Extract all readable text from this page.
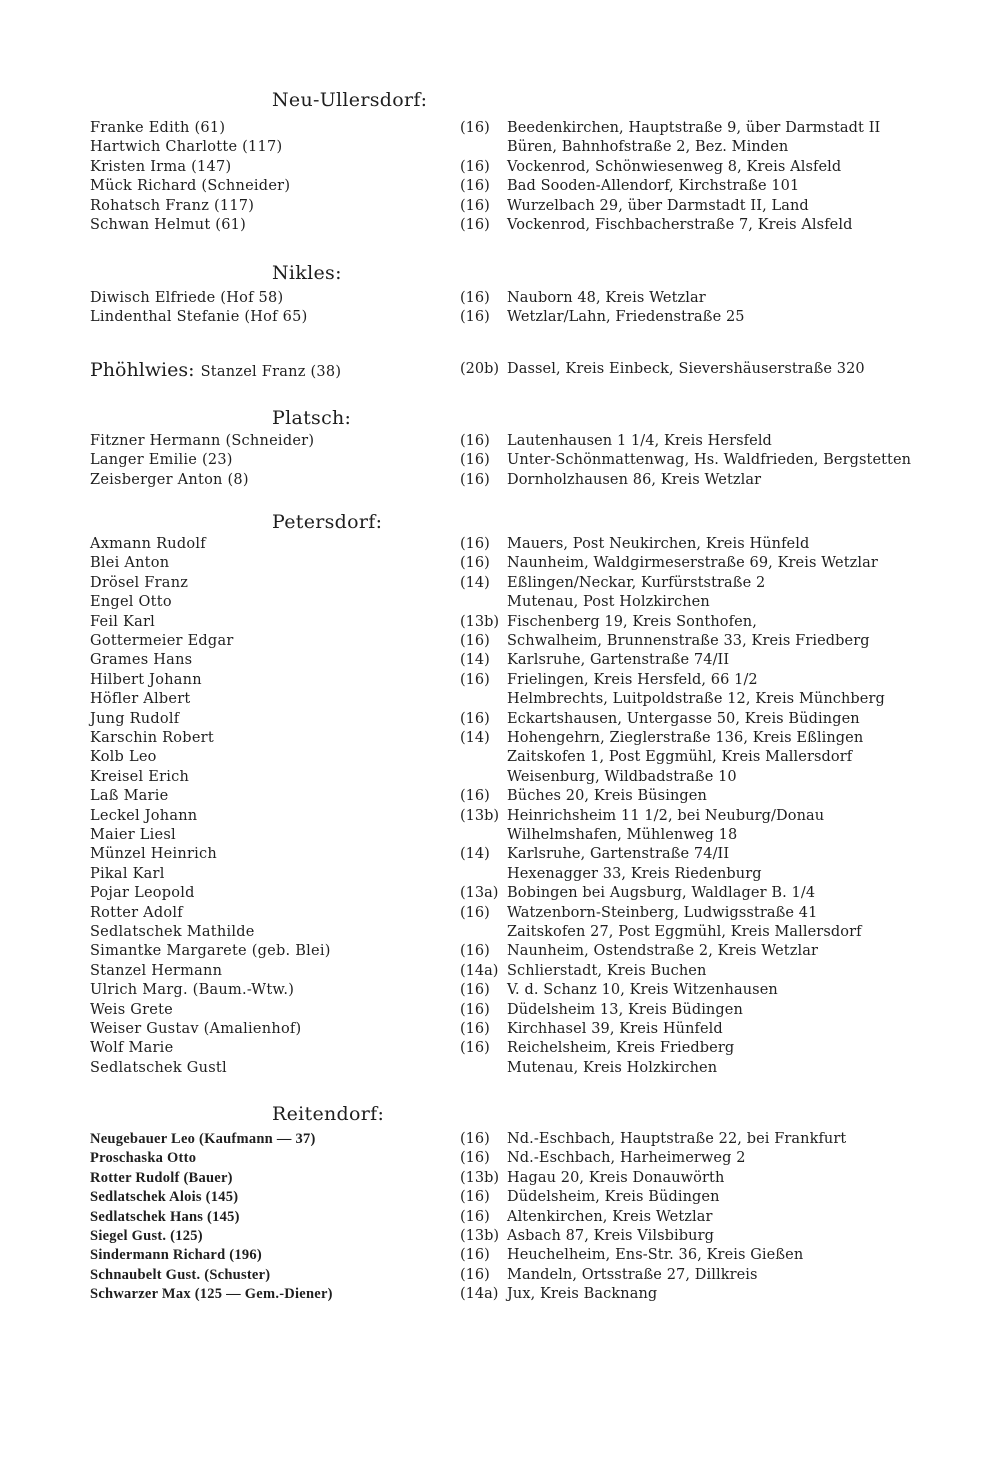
Neu-Ullersdorf:
Franke Edith (61)	(16) Beedenkirchen, Hauptstraße 9, über Darmstadt II
Hartwich Charlotte (117)	Büren, Bahnhofstraße 2, Bez. Minden
Kristen Irma (147)	(16) Vockenrod, Schönwiesenweg 8, Kreis Alsfeld
Mück Richard (Schneider)	(16) Bad Sooden-Allendorf, Kirchstraße 101
Rohatsch Franz (117)	(16) Wurzelbach 29, über Darmstadt II, Land
Schwan Helmut (61)	(16) Vockenrod, Fischbacherstraße 7, Kreis Alsfeld
Nikles:
Diwisch Elfriede (Hof 58)	(16) Nauborn 48, Kreis Wetzlar
Lindenthal Stefanie (Hof 65)	(16) Wetzlar/Lahn, Friedenstraße 25
Phöhlwies: Stanzel Franz (38)	(20b) Dassel, Kreis Einbeck, Sievershäuserstraße 320
Platsch:
Fitzner Hermann (Schneider)	(16) Lautenhausen 1 1/4, Kreis Hersfeld
Langer Emilie (23)	(16) Unter-Schönmattenwag, Hs. Waldfrieden, Bergstetten
Zeisberger Anton (8)	(16) Dornholzhausen 86, Kreis Wetzlar
Petersdorf:
Axmann Rudolf	(16) Mauers, Post Neukirchen, Kreis Hünfeld
Blei Anton	(16) Naunheim, Waldgirmeserstraße 69, Kreis Wetzlar
Drösel Franz	(14) Eßlingen/Neckar, Kurfürststraße 2
Engel Otto	Mutenau, Post Holzkirchen
Feil Karl	(13b) Fischenberg 19, Kreis Sonthofen,
Gottermeier Edgar	(16) Schwalheim, Brunnenstraße 33, Kreis Friedberg
Grames Hans	(14) Karlsruhe, Gartenstraße 74/II
Hilbert Johann	(16) Frielingen, Kreis Hersfeld, 66 1/2
Höfler Albert	Helmbrechts, Luitpoldstraße 12, Kreis Münchberg
Jung Rudolf	(16) Eckartshausen, Untergasse 50, Kreis Büdingen
Karschin Robert	(14) Hohengehrn, Zieglerstraße 136, Kreis Eßlingen
Kolb Leo	Zaitskofen 1, Post Eggmühl, Kreis Mallersdorf
Kreisel Erich	Weisenburg, Wildbadstraße 10
Laß Marie	(16) Büches 20, Kreis Büsingen
Leckel Johann	(13b) Heinrichsheim 11 1/2, bei Neuburg/Donau
Maier Liesl	Wilhelmshafen, Mühlenweg 18
Münzel Heinrich	(14) Karlsruhe, Gartenstraße 74/II
Pikal Karl	Hexenagger 33, Kreis Riedenburg
Pojar Leopold	(13a) Bobingen bei Augsburg, Waldlager B. 1/4
Rotter Adolf	(16) Watzenborn-Steinberg, Ludwigsstraße 41
Sedlatschek Mathilde	Zaitskofen 27, Post Eggmühl, Kreis Mallersdorf
Simantke Margarete (geb. Blei)	(16) Naunheim, Ostendstraße 2, Kreis Wetzlar
Stanzel Hermann	(14a) Schlierstadt, Kreis Buchen
Ulrich Marg. (Baum.-Wtw.)	(16) V. d. Schanz 10, Kreis Witzenhausen
Weis Grete	(16) Düdelsheim 13, Kreis Büdingen
Weiser Gustav (Amalienhof)	(16) Kirchhasel 39, Kreis Hünfeld
Wolf Marie	(16) Reichelsheim, Kreis Friedberg
Sedlatschek Gustl	Mutenau, Kreis Holzkirchen
Reitendorf:
Neugebauer Leo (Kaufmann — 37)	(16) Nd.-Eschbach, Hauptstraße 22, bei Frankfurt
Proschaska Otto	(16) Nd.-Eschbach, Harheimerweg 2
Rotter Rudolf (Bauer)	(13b) Hagau 20, Kreis Donauwörth
Sedlatschek Alois (145)	(16) Düdelsheim, Kreis Büdingen
Sedlatschek Hans (145)	(16) Altenkirchen, Kreis Wetzlar
Siegel Gust. (125)	(13b) Asbach 87, Kreis Vilsbiburg
Sindermann Richard (196)	(16) Heuchelheim, Ens-Str. 36, Kreis Gießen
Schnaubelt Gust. (Schuster)	(16) Mandeln, Ortsstraße 27, Dillkreis
Schwarzer Max (125 — Gem.-Diener)	(14a) Jux, Kreis Backnang
